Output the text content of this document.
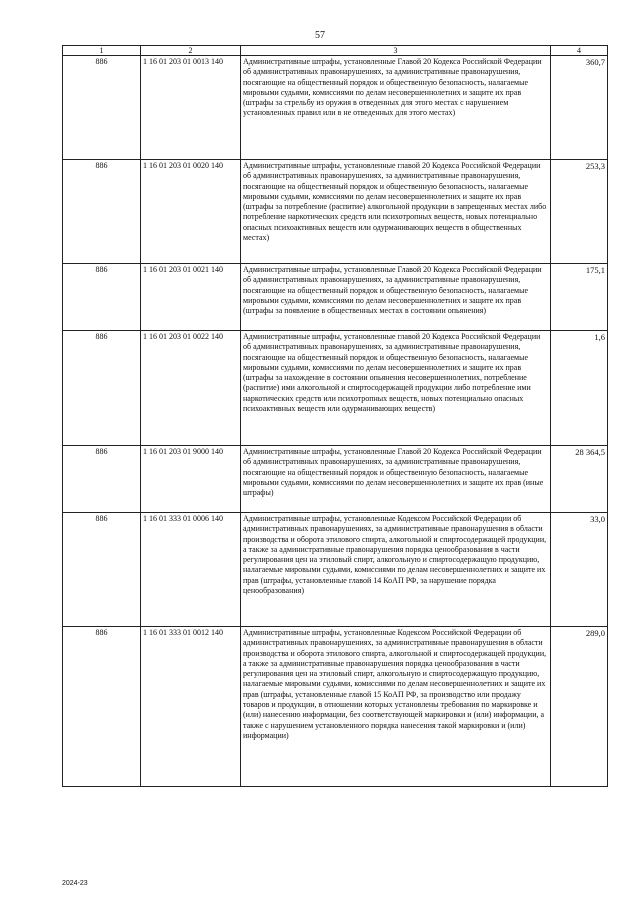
57
1	2	3	4
886	1 16 01 203 01 0013 140	Административные штрафы, установленные Главой 20 Кодекса Российской Федерации об административных правонарушениях, за административные правонарушения, посягающие на общественный порядок и общественную безопасность, налагаемые мировыми судьями, комиссиями по делам несовершеннолетних и защите их прав (штрафы за стрельбу из оружия в отведенных для этого местах с нарушением установленных правил или в не отведенных для этого местах)	360,7
886	1 16 01 203 01 0020 140	Административные штрафы, установленные главой 20 Кодекса Российской Федерации об административных правонарушениях, за административные правонарушения, посягающие на общественный порядок и общественную безопасность, налагаемые мировыми судьями, комиссиями по делам несовершеннолетних и защите их прав (штрафы за потребление (распитие) алкогольной продукции в запрещенных местах либо потребление наркотических средств или психотропных веществ, новых потенциально опасных психоактивных веществ или одурманивающих веществ в общественных местах)	253,3
886	1 16 01 203 01 0021 140	Административные штрафы, установленные Главой 20 Кодекса Российской Федерации об административных правонарушениях, за административные правонарушения, посягающие на общественный порядок и общественную безопасность, налагаемые мировыми судьями, комиссиями по делам несовершеннолетних и защите их прав (штрафы за появление в общественных местах в состоянии опьянения)	175,1
886	1 16 01 203 01 0022 140	Административные штрафы, установленные главой 20 Кодекса Российской Федерации об административных правонарушениях, за административные правонарушения, посягающие на общественный порядок и общественную безопасность, налагаемые мировыми судьями, комиссиями по делам несовершеннолетних и защите их прав (штрафы за нахождение в состоянии опьянения несовершеннолетних, потребление (распитие) ими алкогольной и спиртосодержащей продукции либо потребление ими наркотических средств или психотропных веществ, новых потенциально опасных психоактивных веществ или одурманивающих веществ)	1,6
886	1 16 01 203 01 9000 140	Административные штрафы, установленные Главой 20 Кодекса Российской Федерации об административных правонарушениях, за административные правонарушения, посягающие на общественный порядок и общественную безопасность, налагаемые мировыми судьями, комиссиями по делам несовершеннолетних и защите их прав (иные штрафы)	28 364,5
886	1 16 01 333 01 0006 140	Административные штрафы, установленные Кодексом Российской Федерации об административных правонарушениях, за административные правонарушения в области производства и оборота этилового спирта, алкогольной и спиртосодержащей продукции, а также за административные правонарушения порядка ценообразования в части регулирования цен на этиловый спирт, алкогольную и спиртосодержащую продукцию, налагаемые мировыми судьями, комиссиями по делам несовершеннолетних и защите их прав (штрафы, установленные главой 14 КоАП РФ, за нарушение порядка ценообразования)	33,0
886	1 16 01 333 01 0012 140	Административные штрафы, установленные Кодексом Российской Федерации об административных правонарушениях, за административные правонарушения в области производства и оборота этилового спирта, алкогольной и спиртосодержащей продукции, а также за административные правонарушения порядка ценообразования в части регулирования цен на этиловый спирт, алкогольную и спиртосодержащую продукцию, налагаемые мировыми судьями, комиссиями по делам несовершеннолетних и защите их прав (штрафы, установленные главой 15 КоАП РФ, за производство или продажу товаров и продукции, в отношении которых установлены требования по маркировке и (или) нанесению информации, без соответствующей маркировки и (или) информации, а также с нарушением установленного порядка нанесения такой маркировки и (или) информации)	289,0
2024-23
